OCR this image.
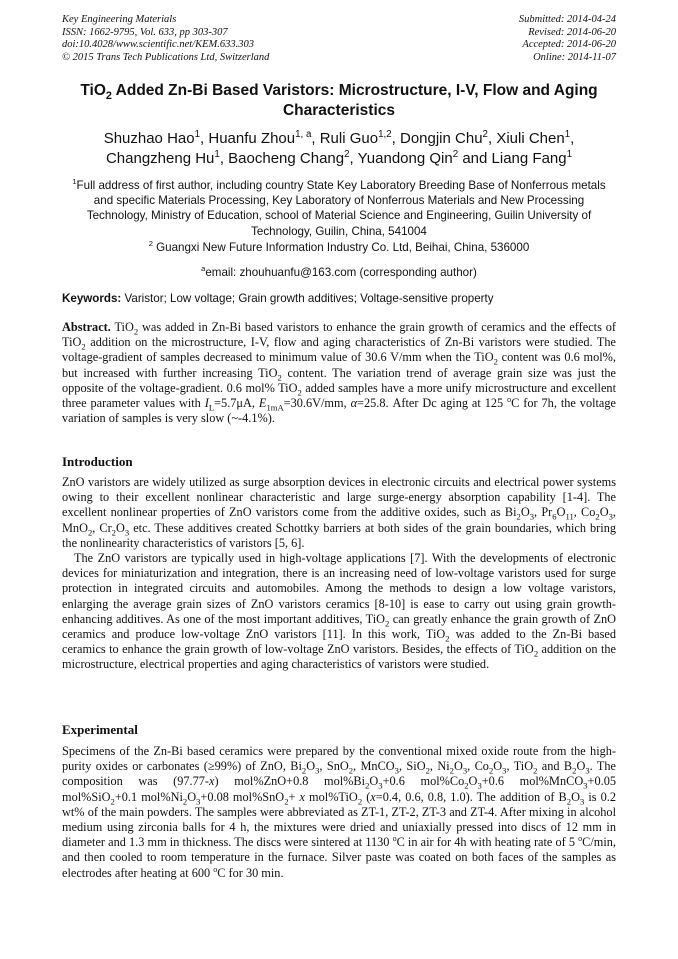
Key Engineering Materials
ISSN: 1662-9795, Vol. 633, pp 303-307
doi:10.4028/www.scientific.net/KEM.633.303
© 2015 Trans Tech Publications Ltd, Switzerland
Submitted: 2014-04-24
Revised: 2014-06-20
Accepted: 2014-06-20
Online: 2014-11-07
TiO$_2$ Added Zn-Bi Based Varistors: Microstructure, I-V, Flow and Aging Characteristics
Shuzhao Hao$^1$, Huanfu Zhou$^{1, a}$, Ruli Guo$^{1,2}$, Dongjin Chu$^2$, Xiuli Chen$^1$,
Changzheng Hu$^1$, Baocheng Chang$^2$, Yuandong Qin$^2$ and Liang Fang$^1$
$^1$Full address of first author, including country State Key Laboratory Breeding Base of Nonferrous metals and specific Materials Processing, Key Laboratory of Nonferrous Materials and New Processing Technology, Ministry of Education, school of Material Science and Engineering, Guilin University of Technology, Guilin, China, 541004
$^2$ Guangxi New Future Information Industry Co. Ltd, Beihai, China, 536000
$^a$email: zhouhuanfu@163.com (corresponding author)
Keywords: Varistor; Low voltage; Grain growth additives; Voltage-sensitive property

Abstract. TiO$_2$ was added in Zn-Bi based varistors to enhance the grain growth of ceramics and the effects of TiO$_2$ addition on the microstructure, I-V, flow and aging characteristics of Zn-Bi varistors were studied. The voltage-gradient of samples decreased to minimum value of 30.6 V/mm when the TiO$_2$ content was 0.6 mol%, but increased with further increasing TiO$_2$ content. The variation trend of average grain size was just the opposite of the voltage-gradient. 0.6 mol% TiO$_2$ added samples have a more unify microstructure and excellent three parameter values with $I_L=5.7\mu A$, $E_{1mA}=30.6V/mm$, α=25.8. After Dc aging at 125 $^o$C for 7h, the voltage variation of samples is very slow (~-4.1%).

Introduction

ZnO varistors are widely utilized as surge absorption devices in electronic circuits and electrical power systems owing to their excellent nonlinear characteristic and large surge-energy absorption capability [1-4]. The excellent nonlinear properties of ZnO varistors come from the additive oxides, such as $Bi_2O_3$, $Pr_6O_{11}$, $Co_2O_3$, MnO$_2$, $Cr_2O_3$ etc. These additives created Schottky barriers at both sides of the grain boundaries, which bring the nonlinearity characteristics of varistors [5, 6].

The ZnO varistors are typically used in high-voltage applications [7]. With the developments of electronic devices for miniaturization and integration, there is an increasing need of low-voltage varistors used for surge protection in integrated circuits and automobiles. Among the methods to design a low voltage varistors, enlarging the average grain sizes of ZnO varistors ceramics [8-10] is ease to carry out using grain growth-enhancing additives. As one of the most important additives, TiO$_2$ can greatly enhance the grain growth of ZnO ceramics and produce low-voltage ZnO varistors [11]. In this work, TiO$_2$ was added to the Zn-Bi based ceramics to enhance the grain growth of low-voltage ZnO varistors. Besides, the effects of TiO$_2$ addition on the microstructure, electrical properties and aging characteristics of varistors were studied.

Experimental

Specimens of the Zn-Bi based ceramics were prepared by the conventional mixed oxide route from the high-purity oxides or carbonates (≥99%) of ZnO, $Bi_2O_3$, SnO$_2$, MnCO$_3$, SiO$_2$, $Ni_2O_3$, $Co_2O_3$, TiO$_2$ and $B_2O_3$. The composition was (97.77-x) mol%ZnO+0.8 $mol\%Bi_2O_3+0.6$ $mol\%Co_2O_3+0.6$ mol%MnCO$_3$+0.05 mol%SiO$_2$+0.1 $mol\%Ni_2O_3+0.08$ mol%SnO$_2$+ x mol%TiO$_2$ (x=0.4, 0.6, 0.8, 1.0). The addition of $B_2O_3$ is 0.2 wt% of the main powders. The samples were abbreviated as ZT-1, ZT-2, ZT-3 and ZT-4. After mixing in alcohol medium using zirconia balls for 4 h, the mixtures were dried and uniaxially pressed into discs of 12 mm in diameter and 1.3 mm in thickness. The discs were sintered at 1130 $^o$C in air for 4h with heating rate of 5 $^o$C/min, and then cooled to room temperature in the furnace. Silver paste was coated on both faces of the samples as electrodes after heating at 600 $^o$C for 30 min.
